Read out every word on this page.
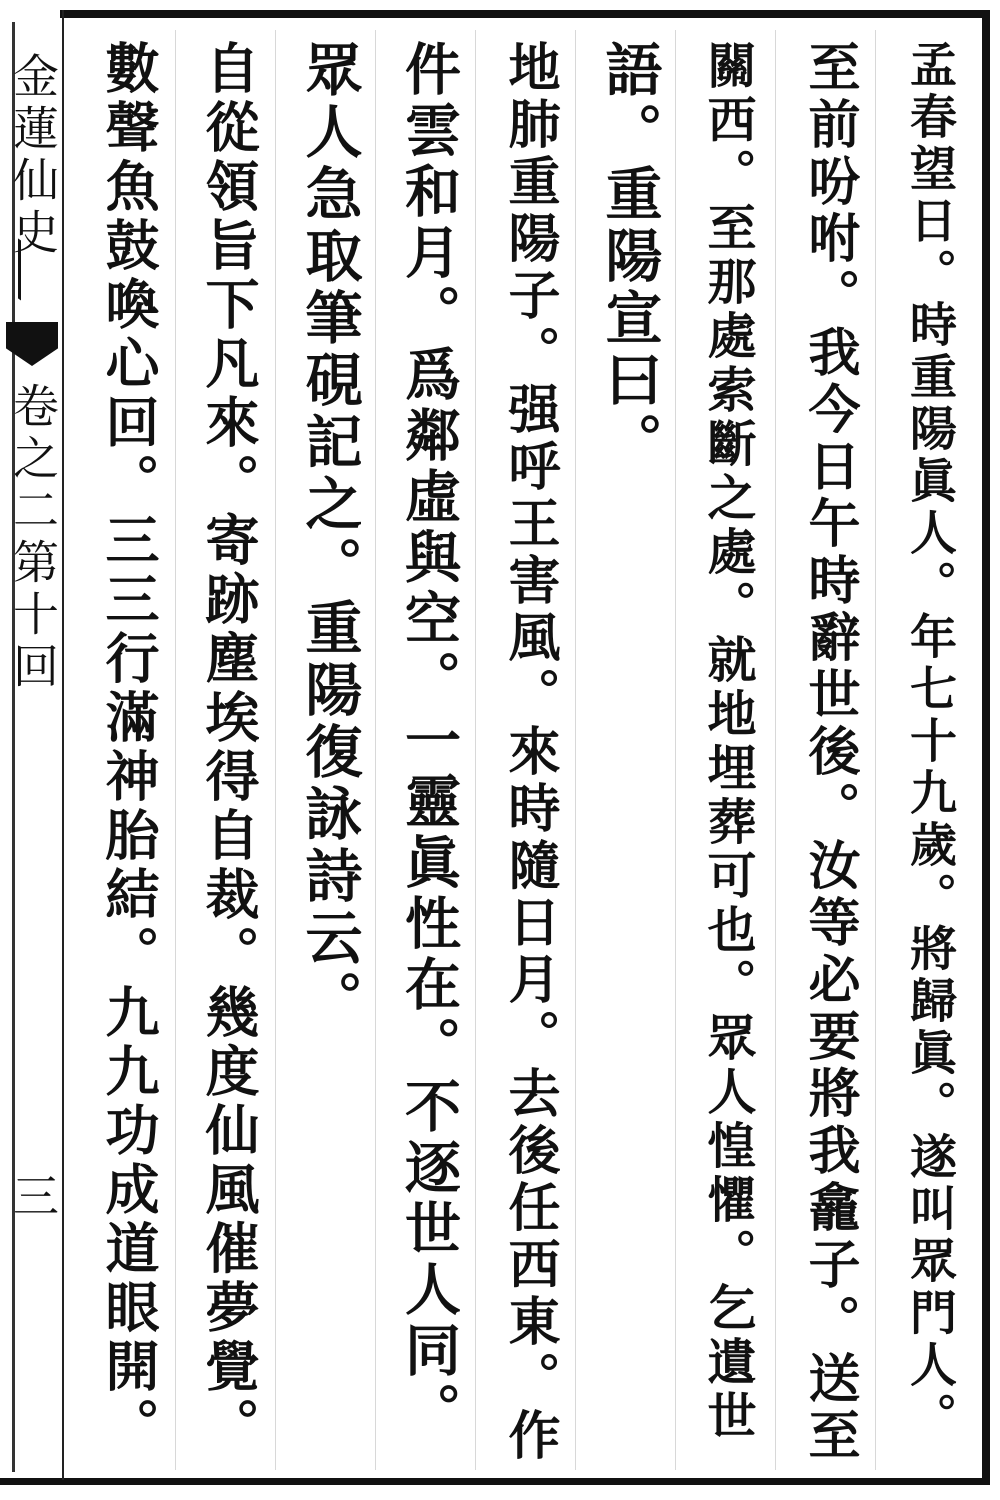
金蓮仙史
卷之二第十回
三	孟春望日。時重陽眞人。年七十九歲。將歸眞。遂叫眾門人。
至前吩咐。我今日午時辭世後。汝等必要將我龕子。送至
關西。至那處索斷之處。就地埋葬可也。眾人惶懼。乞遺世
語。重陽宣曰。
地肺重陽子。强呼王害風。來時隨日月。去後任西東。作
件雲和月。爲鄰虛與空。一靈眞性在。不逐世人同。
眾人急取筆硯記之。重陽復詠詩云。
自從領旨下凡來。寄跡塵埃得自裁。幾度仙風催夢覺。
數聲魚鼓喚心回。三三行滿神胎結。九九功成道眼開。
